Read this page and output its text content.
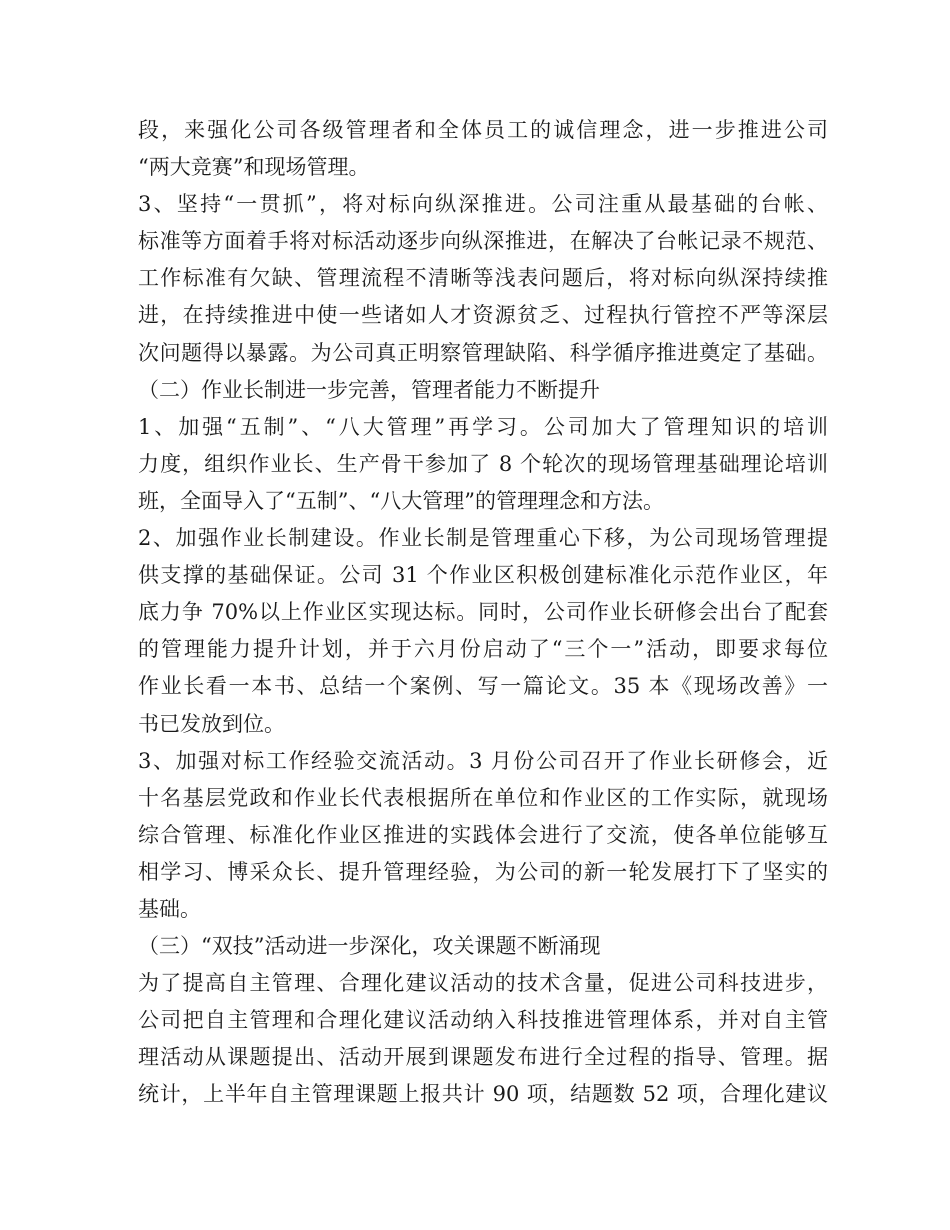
段，来强化公司各级管理者和全体员工的诚信理念，进一步推进公司
“两大竞赛”和现场管理。
3、坚持“一贯抓”，将对标向纵深推进。公司注重从最基础的台帐、
标准等方面着手将对标活动逐步向纵深推进，在解决了台帐记录不规范、
工作标准有欠缺、管理流程不清晰等浅表问题后，将对标向纵深持续推
进，在持续推进中使一些诸如人才资源贫乏、过程执行管控不严等深层
次问题得以暴露。为公司真正明察管理缺陷、科学循序推进奠定了基础。
（二）作业长制进一步完善，管理者能力不断提升
1、加强“五制”、“八大管理”再学习。公司加大了管理知识的培训
力度，组织作业长、生产骨干参加了 8 个轮次的现场管理基础理论培训
班，全面导入了“五制”、“八大管理”的管理理念和方法。
2、加强作业长制建设。作业长制是管理重心下移，为公司现场管理提
供支撑的基础保证。公司 31 个作业区积极创建标准化示范作业区，年
底力争 70%以上作业区实现达标。同时，公司作业长研修会出台了配套
的管理能力提升计划，并于六月份启动了“三个一”活动，即要求每位
作业长看一本书、总结一个案例、写一篇论文。35 本《现场改善》一
书已发放到位。
3、加强对标工作经验交流活动。3 月份公司召开了作业长研修会，近
十名基层党政和作业长代表根据所在单位和作业区的工作实际，就现场
综合管理、标准化作业区推进的实践体会进行了交流，使各单位能够互
相学习、博采众长、提升管理经验，为公司的新一轮发展打下了坚实的
基础。
（三）“双技”活动进一步深化，攻关课题不断涌现
为了提高自主管理、合理化建议活动的技术含量，促进公司科技进步，
公司把自主管理和合理化建议活动纳入科技推进管理体系，并对自主管
理活动从课题提出、活动开展到课题发布进行全过程的指导、管理。据
统计，上半年自主管理课题上报共计 90 项，结题数 52 项，合理化建议
